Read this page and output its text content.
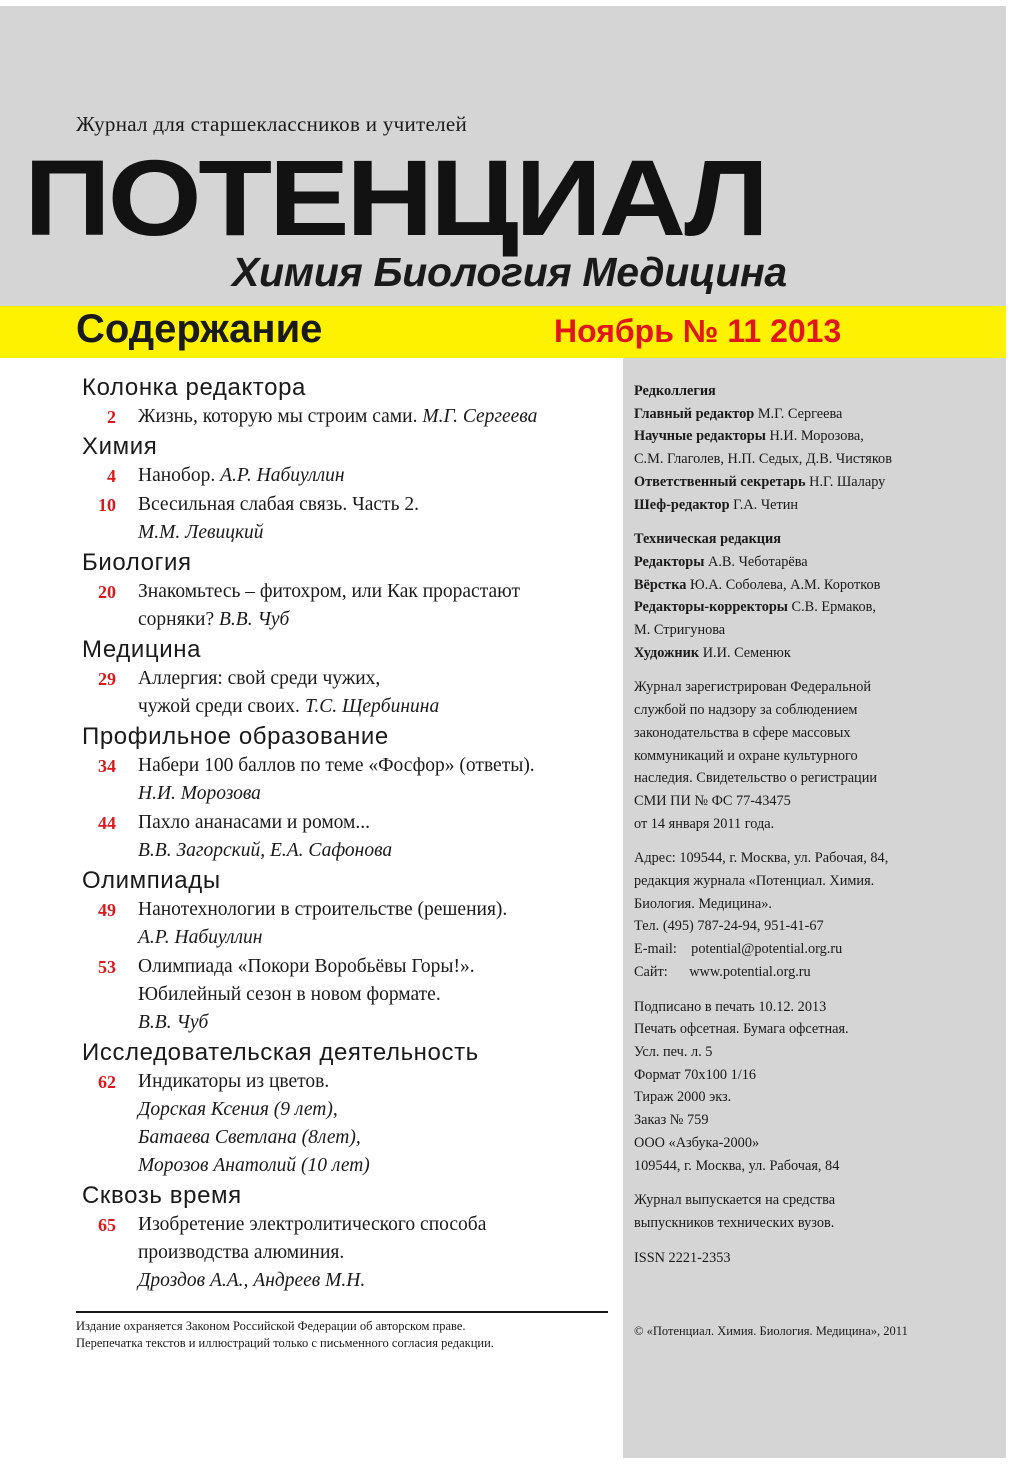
Журнал для старшеклассников и учителей
ПОТЕНЦИАЛ
Химия Биология Медицина
Содержание	Ноябрь № 11 2013
Колонка редактора
2 Жизнь, которую мы строим сами. М.Г. Сергеева
Химия
4 Нанобор. А.Р. Набиуллин
10 Всесильная слабая связь. Часть 2.
М.М. Левицкий
Биология
20 Знакомьтесь – фитохром, или Как прорастают
сорняки? В.В. Чуб
Медицина
29 Аллергия: свой среди чужих,
чужой среди своих. Т.С. Щербинина
Профильное образование
34 Набери 100 баллов по теме «Фосфор» (ответы).
Н.И. Морозова
44 Пахло ананасами и ромом...
В.В. Загорский, Е.А. Сафонова
Олимпиады
49 Нанотехнологии в строительстве (решения).
А.Р. Набиуллин
53 Олимпиада «Покори Воробьёвы Горы!».
Юбилейный сезон в новом формате.
В.В. Чуб
Исследовательская деятельность
62 Индикаторы из цветов.
Дорская Ксения (9 лет),
Батаева Светлана (8лет),
Морозов Анатолий (10 лет)
Сквозь время
65 Изобретение электролитического способа
производства алюминия.
Дроздов А.А., Андреев М.Н.

Редколлегия

Главный редактор М.Г. Сергеева

Научные редакторы Н.И. Морозова,

С.М. Глаголев, Н.П. Седых, Д.В. Чистяков

Ответственный секретарь Н.Г. Шалару

Шеф-редактор Г.А. Четин

Техническая редакция

Редакторы А.В. Чеботарёва

Вёрстка Ю.А. Соболева, А.М. Коротков

Редакторы-корректоры С.В. Ермаков,

М. Стригунова

Художник И.И. Семенюк

Журнал зарегистрирован Федеральной

службой по надзору за соблюдением

законодательства в сфере массовых

коммуникаций и охране культурного

наследия. Свидетельство о регистрации

СМИ ПИ № ФС 77-43475

от 14 января 2011 года.

Адрес: 109544, г. Москва, ул. Рабочая, 84,

редакция журнала «Потенциал. Химия.

Биология. Медицина».

Тел. (495) 787-24-94, 951-41-67

E-mail:    potential@potential.org.ru

Сайт:      www.potential.org.ru

Подписано в печать 10.12. 2013

Печать офсетная. Бумага офсетная.

Усл. печ. л. 5

Формат 70x100 1/16

Тираж 2000 экз.

Заказ № 759

ООО «Азбука-2000»

109544, г. Москва, ул. Рабочая, 84

Журнал выпускается на средства

выпускников технических вузов.

ISSN 2221-2353

© «Потенциал. Химия. Биология. Медицина», 2011
Издание охраняется Законом Российской Федерации об авторском праве.
Перепечатка текстов и иллюстраций только с письменного согласия редакции.
